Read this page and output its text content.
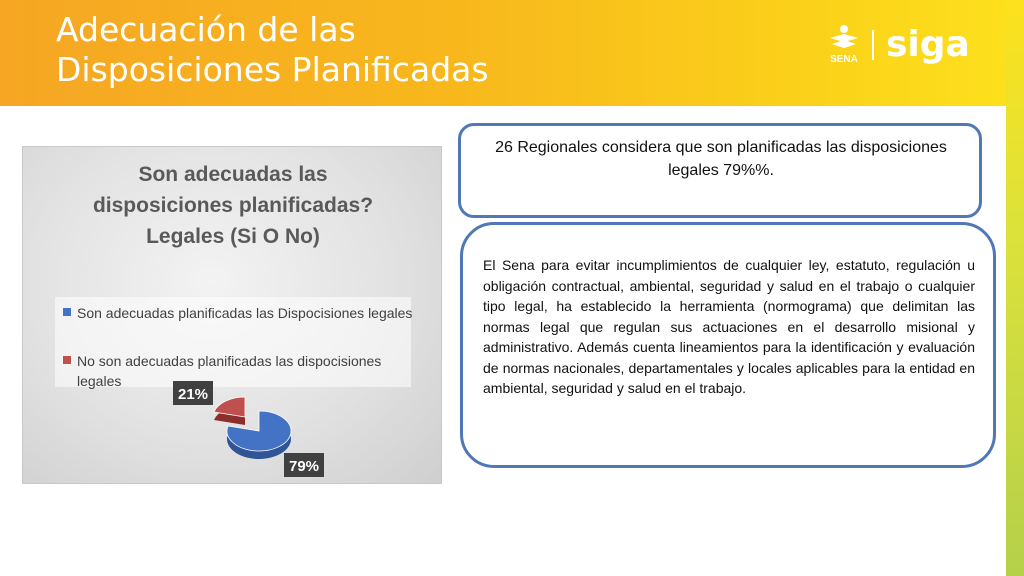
Adecuación de las
Disposiciones Planificadas	SENA siga
Son adecuadas las
disposiciones planificadas?
Legales (Si O No)
Son adecuadas planificadas las Dispocisiones legales
No son adecuadas planificadas las dispocisiones legales
79%
21%
26 Regionales considera que son planificadas las disposiciones legales 79%%.
El Sena para evitar incumplimientos de cualquier ley, estatuto, regulación u obligación contractual, ambiental, seguridad y salud en el trabajo o cualquier tipo legal, ha establecido la herramienta (normograma) que delimitan las normas legal que regulan sus actuaciones en el desarrollo misional y administrativo. Además cuenta lineamientos para la identificación y evaluación de normas nacionales, departamentales y locales aplicables para la entidad en ambiental, seguridad y salud en el trabajo.
